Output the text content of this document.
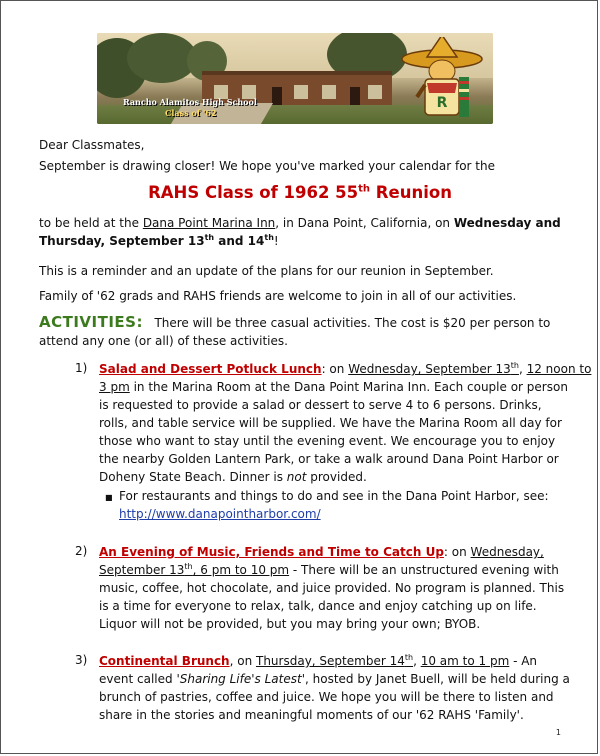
Rancho Alamitos High School
Class of '62
R
Dear Classmates,
September is drawing closer! We hope you've marked your calendar for the
RAHS Class of 1962 55th Reunion
to be held at the Dana Point Marina Inn, in Dana Point, California, on Wednesday and
Thursday, September 13th and 14th!
This is a reminder and an update of the plans for our reunion in September.
Family of '62 grads and RAHS friends are welcome to join in all of our activities.
ACTIVITIES: There will be three casual activities. The cost is $20 per person to
attend any one (or all) of these activities.
1) Salad and Dessert Potluck Lunch: on Wednesday, September 13th, 12 noon to
3 pm in the Marina Room at the Dana Point Marina Inn. Each couple or person
is requested to provide a salad or dessert to serve 4 to 6 persons. Drinks,
rolls, and table service will be supplied. We have the Marina Room all day for
those who want to stay until the evening event. We encourage you to enjoy
the nearby Golden Lantern Park, or take a walk around Dana Point Harbor or
Doheny State Beach. Dinner is not provided.
■ For restaurants and things to do and see in the Dana Point Harbor, see:
http://www.danapointharbor.com/
2) An Evening of Music, Friends and Time to Catch Up: on Wednesday,
September 13th, 6 pm to 10 pm - There will be an unstructured evening with
music, coffee, hot chocolate, and juice provided. No program is planned. This
is a time for everyone to relax, talk, dance and enjoy catching up on life.
Liquor will not be provided, but you may bring your own; BYOB.
3) Continental Brunch, on Thursday, September 14th, 10 am to 1 pm - An
event called 'Sharing Life's Latest', hosted by Janet Buell, will be held during a
brunch of pastries, coffee and juice. We hope you will be there to listen and
share in the stories and meaningful moments of our '62 RAHS 'Family'.
1
